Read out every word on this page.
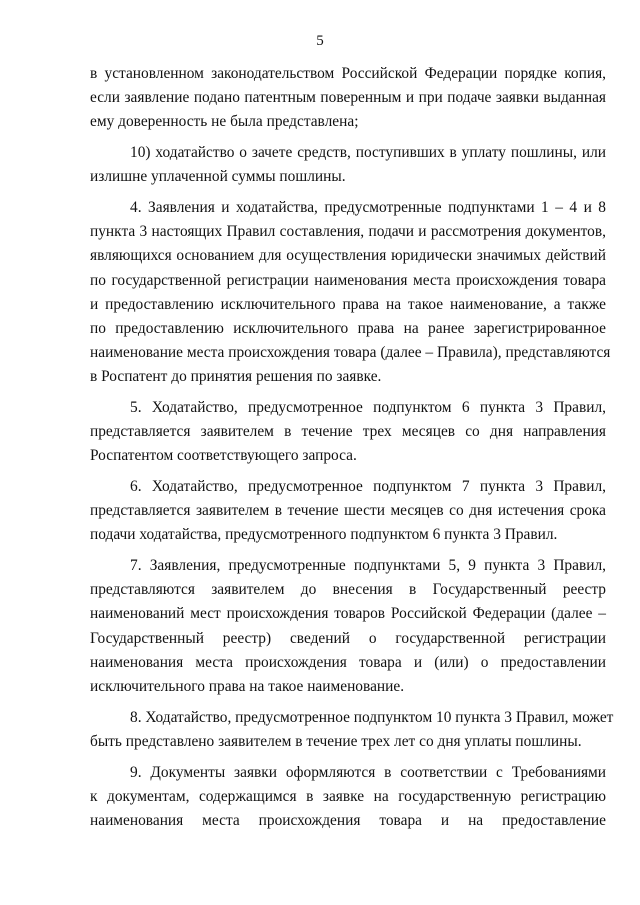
5
в установленном законодательством Российской Федерации порядке копия,
если заявление подано патентным поверенным и при подаче заявки выданная
ему доверенность не была представлена;
10) ходатайство о зачете средств, поступивших в уплату пошлины, или
излишне уплаченной суммы пошлины.
4. Заявления и ходатайства, предусмотренные подпунктами 1 – 4 и 8
пункта 3 настоящих Правил составления, подачи и рассмотрения документов,
являющихся основанием для осуществления юридически значимых действий
по государственной регистрации наименования места происхождения товара
и предоставлению исключительного права на такое наименование, а также
по предоставлению исключительного права на ранее зарегистрированное
наименование места происхождения товара (далее – Правила), представляются
в Роспатент до принятия решения по заявке.
5. Ходатайство, предусмотренное подпунктом 6 пункта 3 Правил,
представляется заявителем в течение трех месяцев со дня направления
Роспатентом соответствующего запроса.
6. Ходатайство, предусмотренное подпунктом 7 пункта 3 Правил,
представляется заявителем в течение шести месяцев со дня истечения срока
подачи ходатайства, предусмотренного подпунктом 6 пункта 3 Правил.
7. Заявления, предусмотренные подпунктами 5, 9 пункта 3 Правил,
представляются заявителем до внесения в Государственный реестр
наименований мест происхождения товаров Российской Федерации (далее –
Государственный реестр) сведений о государственной регистрации
наименования места происхождения товара и (или) о предоставлении
исключительного права на такое наименование.
8. Ходатайство, предусмотренное подпунктом 10 пункта 3 Правил, может
быть представлено заявителем в течение трех лет со дня уплаты пошлины.
9. Документы заявки оформляются в соответствии с Требованиями
к документам, содержащимся в заявке на государственную регистрацию
наименования места происхождения товара и на предоставление
